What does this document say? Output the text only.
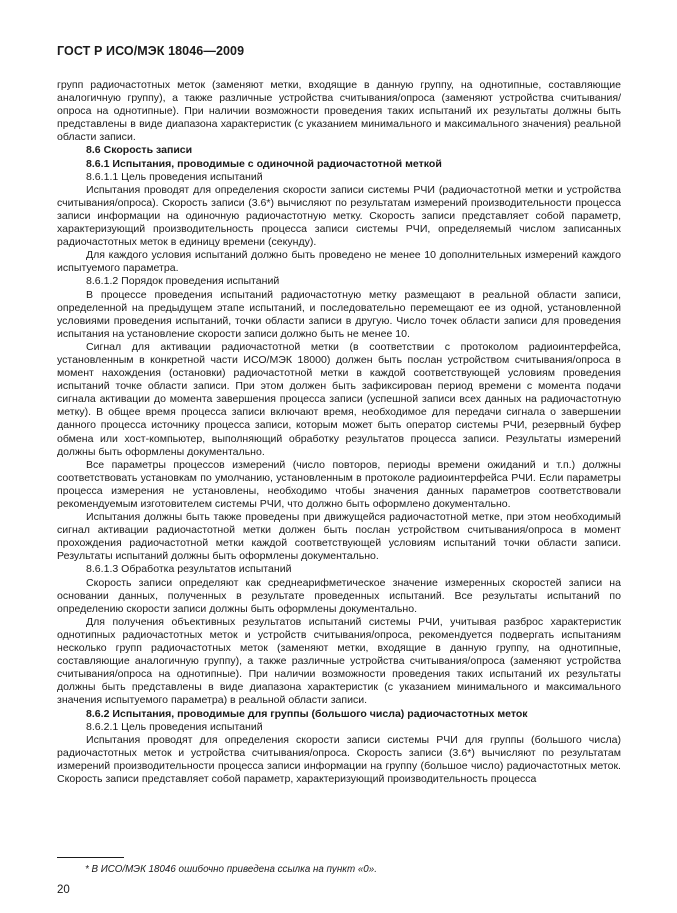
ГОСТ Р ИСО/МЭК 18046—2009

групп радиочастотных меток (заменяют метки, входящие в данную группу, на однотипные, составляющие аналогичную группу), а также различные устройства считывания/опроса (заменяют устройства считывания/опроса на однотипные). При наличии возможности проведения таких испытаний их результаты должны быть представлены в виде диапазона характеристик (с указанием минимального и максимального значения) реальной области записи.

8.6 Скорость записи

8.6.1 Испытания, проводимые с одиночной радиочастотной меткой

8.6.1.1 Цель проведения испытаний

Испытания проводят для определения скорости записи системы РЧИ (радиочастотной метки и устройства считывания/опроса). Скорость записи (3.6*) вычисляют по результатам измерений производительности процесса записи информации на одиночную радиочастотную метку. Скорость записи представляет собой параметр, характеризующий производительность процесса записи системы РЧИ, определяемый числом записанных радиочастотных меток в единицу времени (секунду).

Для каждого условия испытаний должно быть проведено не менее 10 дополнительных измерений каждого испытуемого параметра.

8.6.1.2 Порядок проведения испытаний

В процессе проведения испытаний радиочастотную метку размещают в реальной области записи, определенной на предыдущем этапе испытаний, и последовательно перемещают ее из одной, установленной условиями проведения испытаний, точки области записи в другую. Число точек области записи для проведения испытания на установление скорости записи должно быть не менее 10.

Сигнал для активации радиочастотной метки (в соответствии с протоколом радиоинтерфейса, установленным в конкретной части ИСО/МЭК 18000) должен быть послан устройством считывания/опроса в момент нахождения (остановки) радиочастотной метки в каждой соответствующей условиям проведения испытаний точке области записи. При этом должен быть зафиксирован период времени с момента подачи сигнала активации до момента завершения процесса записи (успешной записи всех данных на радиочастотную метку). В общее время процесса записи включают время, необходимое для передачи сигнала о завершении данного процесса источнику процесса записи, которым может быть оператор системы РЧИ, резервный буфер обмена или хост-компьютер, выполняющий обработку результатов процесса записи. Результаты измерений должны быть оформлены документально.

Все параметры процессов измерений (число повторов, периоды времени ожиданий и т.п.) должны соответствовать установкам по умолчанию, установленным в протоколе радиоинтерфейса РЧИ. Если параметры процесса измерения не установлены, необходимо чтобы значения данных параметров соответствовали рекомендуемым изготовителем системы РЧИ, что должно быть оформлено документально.

Испытания должны быть также проведены при движущейся радиочастотной метке, при этом необходимый сигнал активации радиочастотной метки должен быть послан устройством считывания/опроса в момент прохождения радиочастотной метки каждой соответствующей условиям испытаний точки области записи. Результаты испытаний должны быть оформлены документально.

8.6.1.3 Обработка результатов испытаний

Скорость записи определяют как среднеарифметическое значение измеренных скоростей записи на основании данных, полученных в результате проведенных испытаний. Все результаты испытаний по определению скорости записи должны быть оформлены документально.

Для получения объективных результатов испытаний системы РЧИ, учитывая разброс характеристик однотипных радиочастотных меток и устройств считывания/опроса, рекомендуется подвергать испытаниям несколько групп радиочастотных меток (заменяют метки, входящие в данную группу, на однотипные, составляющие аналогичную группу), а также различные устройства считывания/опроса (заменяют устройства считывания/опроса на однотипные). При наличии возможности проведения таких испытаний их результаты должны быть представлены в виде диапазона характеристик (с указанием минимального и максимального значения испытуемого параметра) в реальной области записи.

8.6.2 Испытания, проводимые для группы (большого числа) радиочастотных меток

8.6.2.1 Цель проведения испытаний

Испытания проводят для определения скорости записи системы РЧИ для группы (большого числа) радиочастотных меток и устройства считывания/опроса. Скорость записи (3.6*) вычисляют по результатам измерений производительности процесса записи информации на группу (большое число) радиочастотных меток. Скорость записи представляет собой параметр, характеризующий производительность процесса

* В ИСО/МЭК 18046 ошибочно приведена ссылка на пункт «0».
20
